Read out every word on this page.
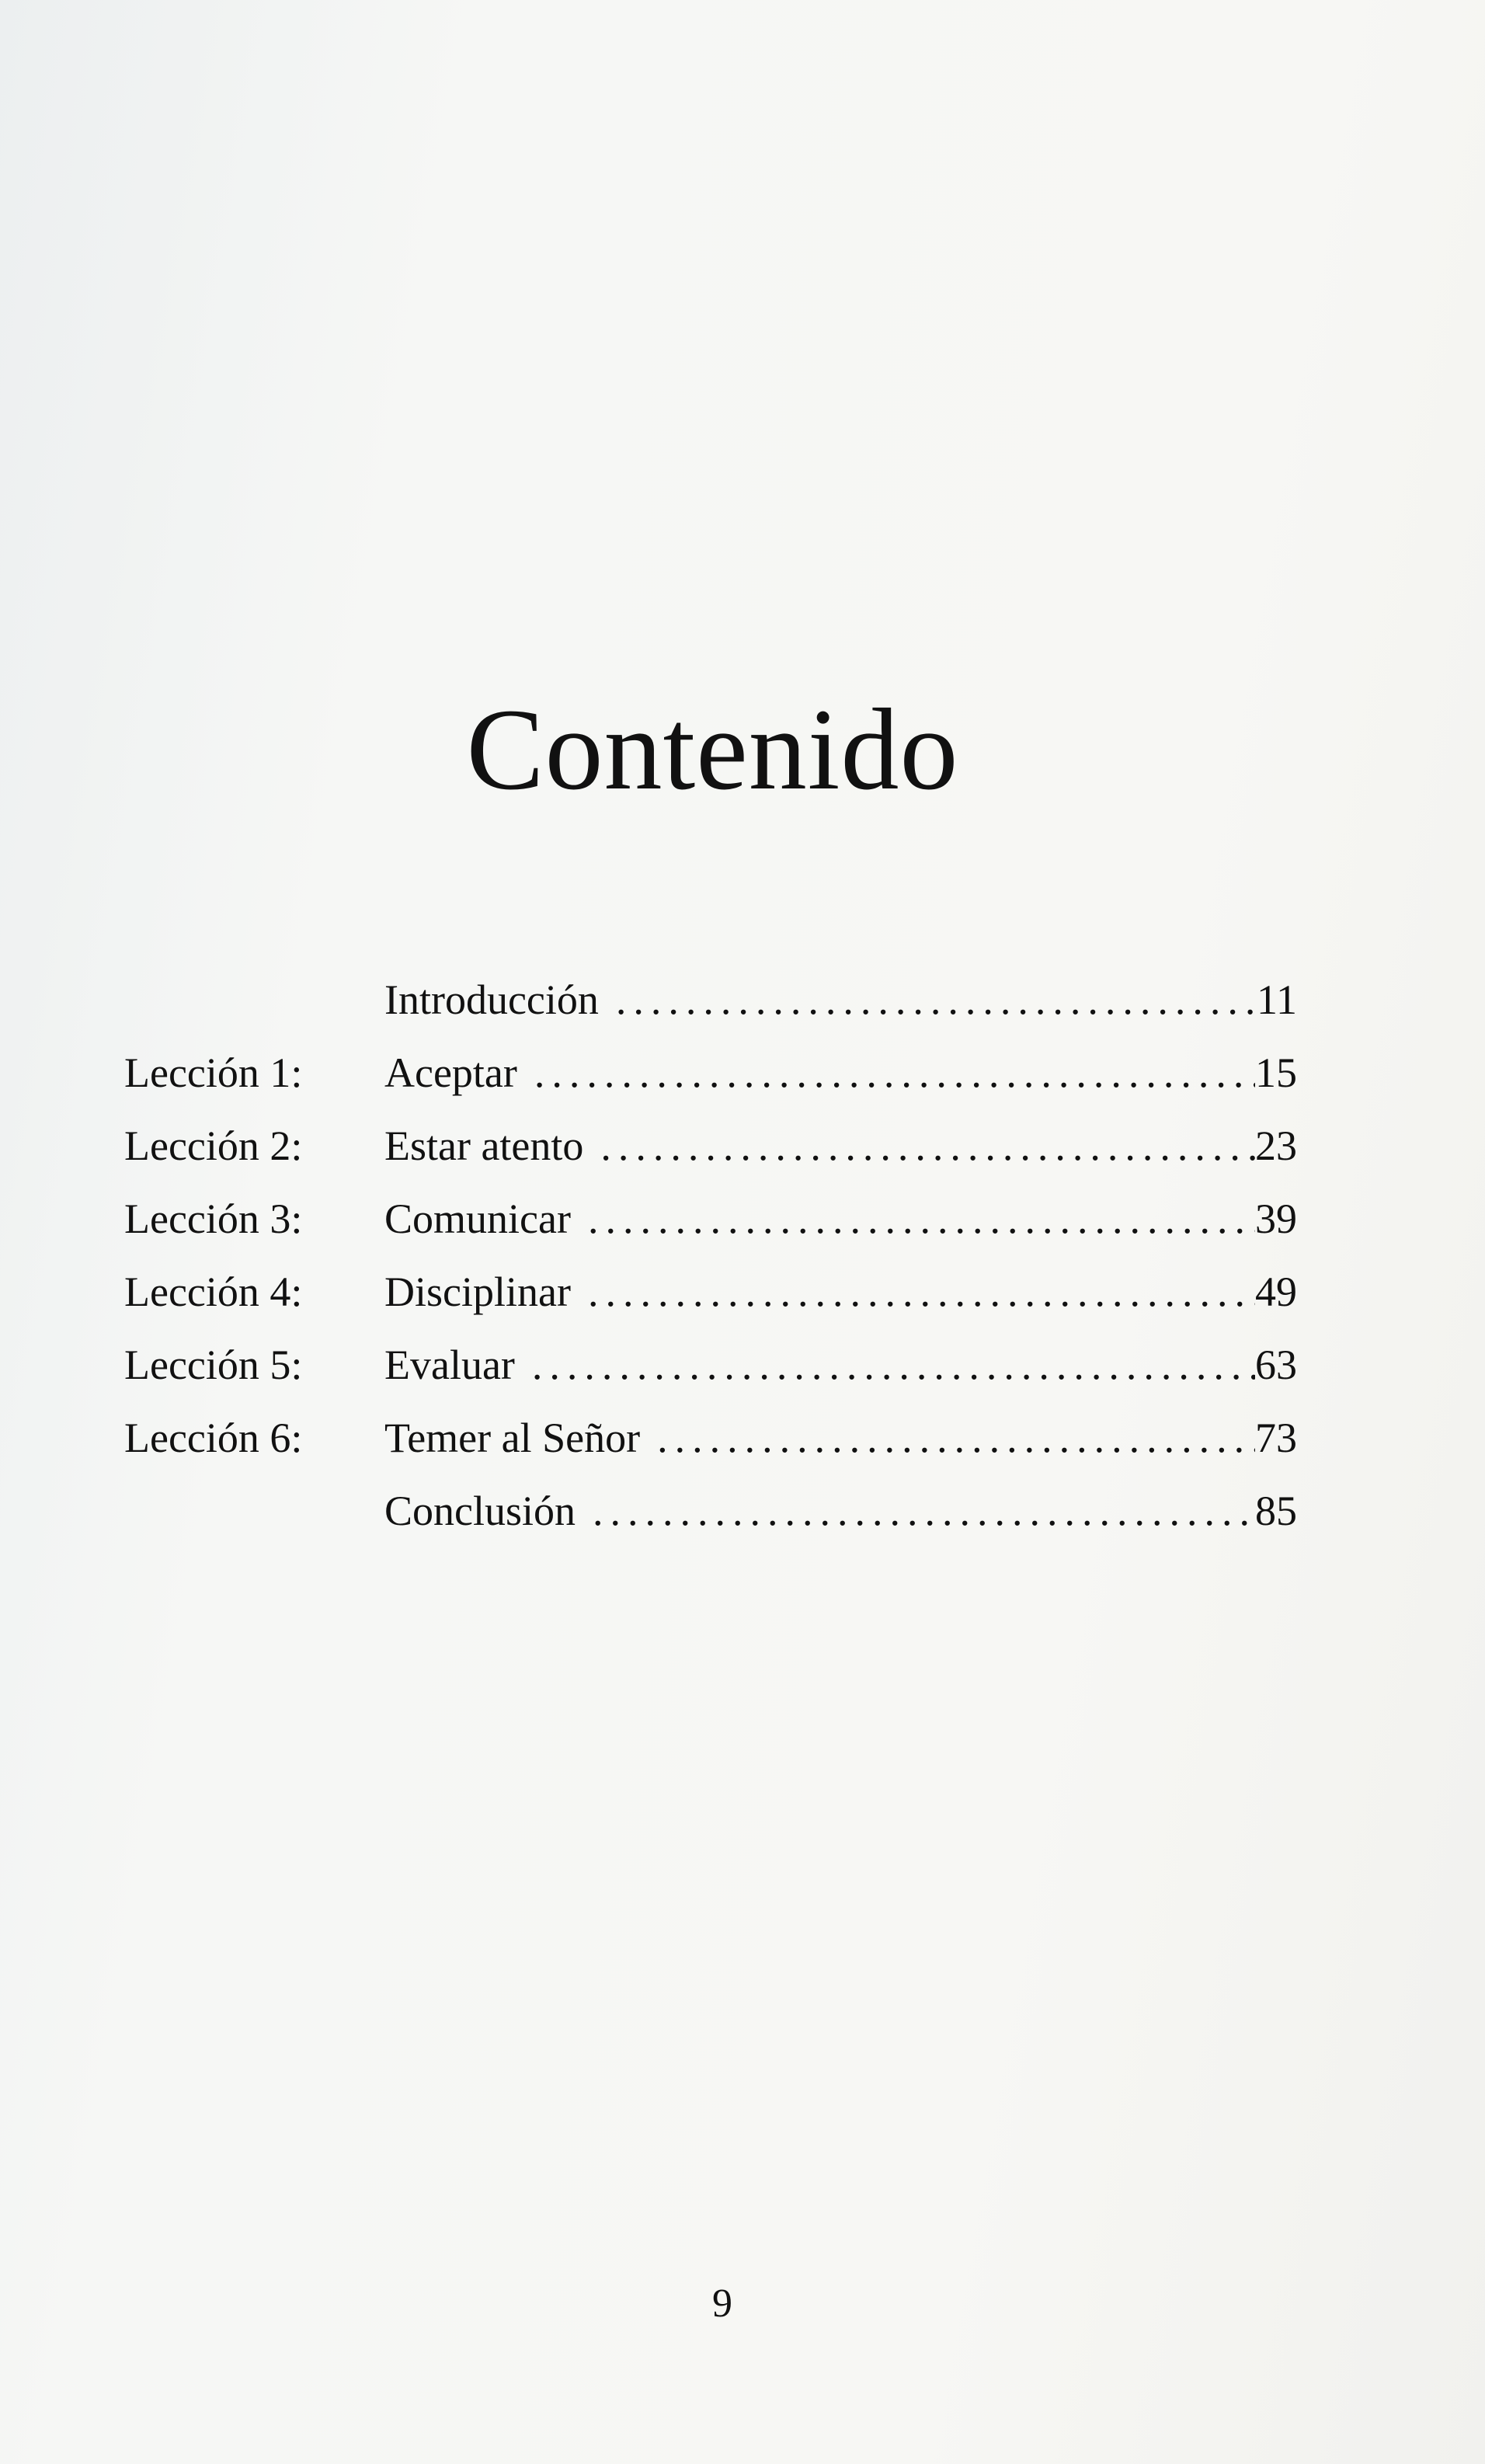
Contenido
Introducción .....	11
Lección 1: Aceptar .....	15
Lección 2: Estar atento .....	23
Lección 3: Comunicar .....	39
Lección 4: Disciplinar .....	49
Lección 5: Evaluar .....	63
Lección 6: Temer al Señor .....	73
Conclusión .....	85
9
